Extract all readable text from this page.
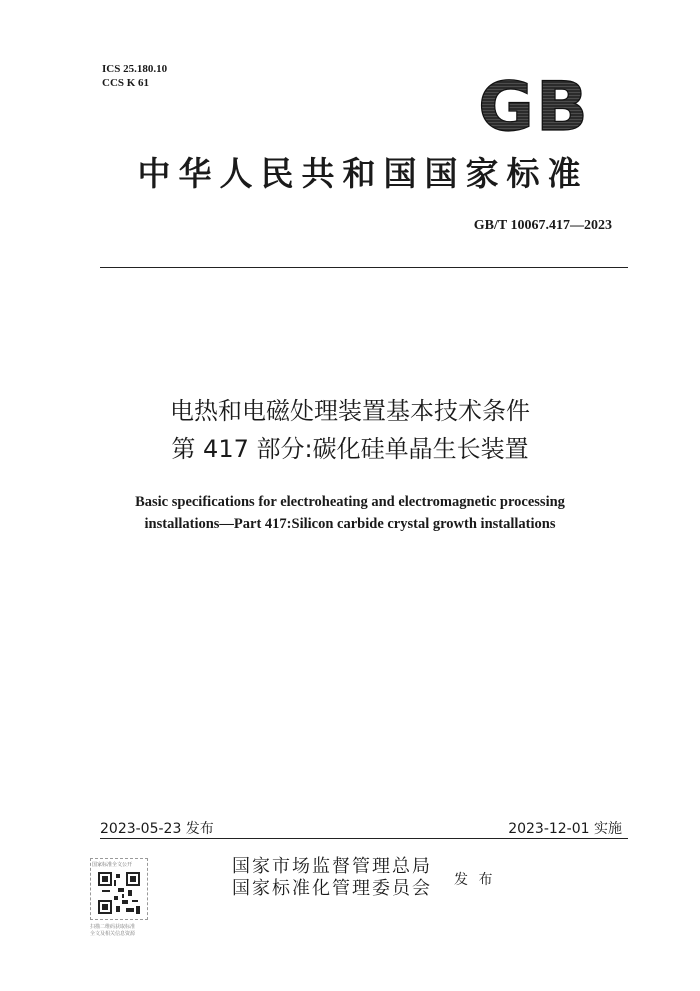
ICS 25.180.10
CCS K 61	GB
中华人民共和国国家标准
GB/T 10067.417—2023
电热和电磁处理装置基本技术条件
第 417 部分:碳化硅单晶生长装置
Basic specifications for electroheating and electromagnetic processing
installations—Part 417:Silicon carbide crystal growth installations
2023-05-23 发布	2023-12-01 实施
国家标准全文公开
扫描二维码获取标准
全文及相关信息资源
国家市场监督管理总局
国家标准化管理委员会 发 布
